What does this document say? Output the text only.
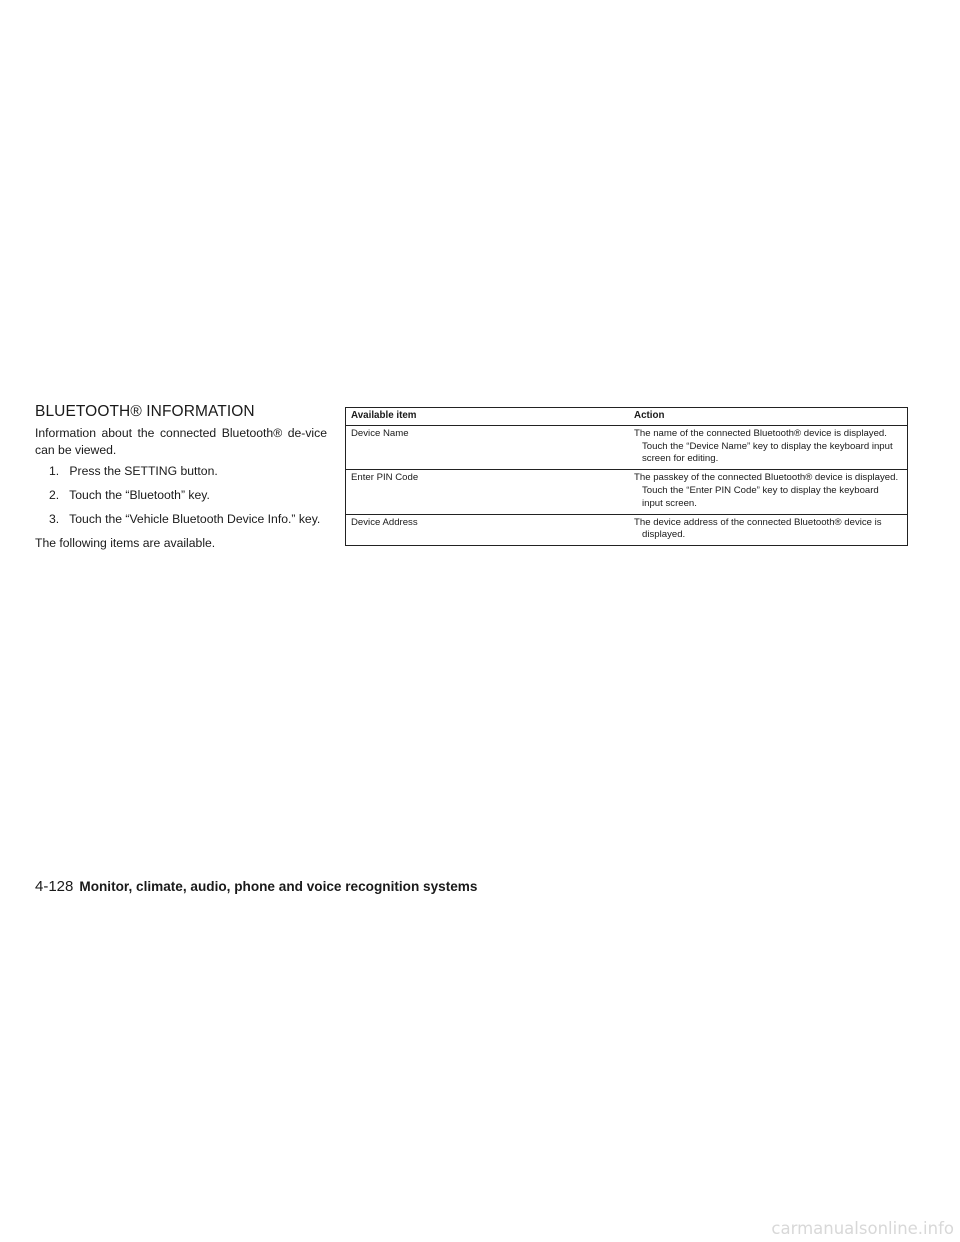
BLUETOOTH® INFORMATION

Information about the connected Bluetooth® de-vice can be viewed.

1. Press the SETTING button.
2. Touch the “Bluetooth” key.
3. Touch the “Vehicle Bluetooth Device Info.” key.

The following items are available.

Available item	Action
Device Name	The name of the connected Bluetooth® device is displayed. Touch the “Device Name” key to display the keyboard input screen for editing.

Enter PIN Code	The passkey of the connected Bluetooth® device is displayed. Touch the “Enter PIN Code” key to display the keyboard input screen.

Device Address	The device address of the connected Bluetooth® device is displayed.
4-128 Monitor, climate, audio, phone and voice recognition systems
carmanualsonline.info
